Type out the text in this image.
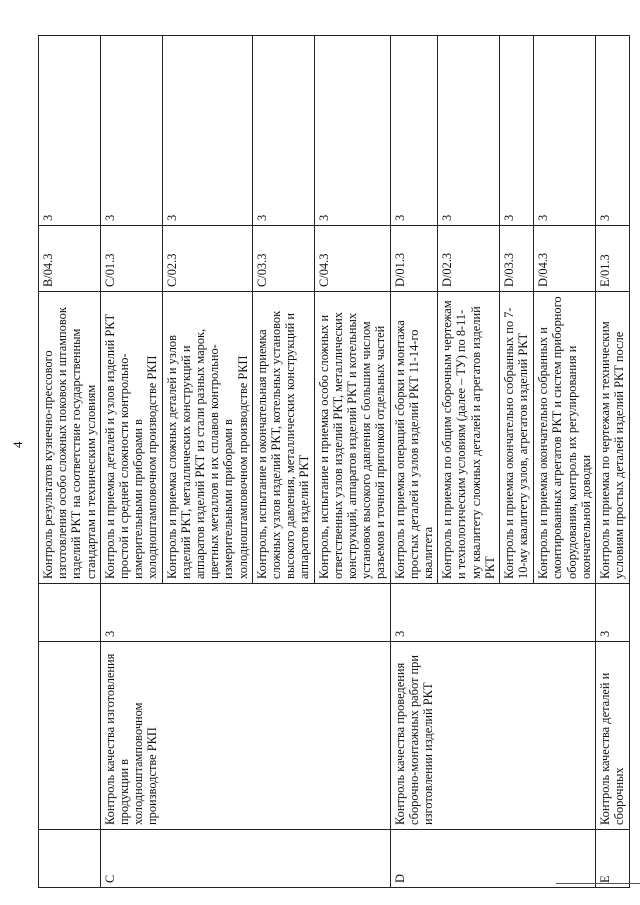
4
			Контроль результатов кузнечно-прессового изготовления особо сложных поковок и штамповок изделий РКТ на соответствие государственным стандартам и техническим условиям	B/04.3	3
C	Контроль качества изготовления продукции в холодноштамповочном производстве РКП	3	Контроль и приемка деталей и узлов изделий РКТ простой и средней сложности контрольно-измерительными приборами в холодноштамповочном производстве РКП	C/01.3	3
			Контроль и приемка сложных деталей и узлов изделий РКТ, металлических конструкций и аппаратов изделий РКТ из стали разных марок, цветных металлов и их сплавов контрольно-измерительными приборами в холодноштамповочном производстве РКП	C/02.3	3
			Контроль, испытание и окончательная приемка сложных узлов изделий РКТ, котельных установок высокого давления, металлических конструкций и аппаратов изделий РКТ	C/03.3	3
			Контроль, испытание и приемка особо сложных и ответственных узлов изделий РКТ, металлических конструкций, аппаратов изделий РКТ и котельных установок высокого давления с большим числом разъемов и точной пригонкой отдельных частей	C/04.3	3
D	Контроль качества проведения сборочно-монтажных работ при изготовлении изделий РКТ	3	Контроль и приемка операций сборки и монтажа простых деталей и узлов изделий РКТ 11-14-го квалитета	D/01.3	3
			Контроль и приемка по общим сборочным чертежам и технологическим условиям (далее – ТУ) по 8-11-му квалитету сложных деталей и агрегатов изделий РКТ	D/02.3	3
			Контроль и приемка окончательно собранных по 7-10-му квалитету узлов, агрегатов изделий РКТ	D/03.3	3
			Контроль и приемка окончательно собранных и смонтированных агрегатов РКТ и систем приборного оборудования, контроль их регулирования и окончательной доводки	D/04.3	3
E	Контроль качества деталей и сборочных	3	Контроль и приемка по чертежам и техническим условиям простых деталей изделий РКТ после	E/01.3	3
